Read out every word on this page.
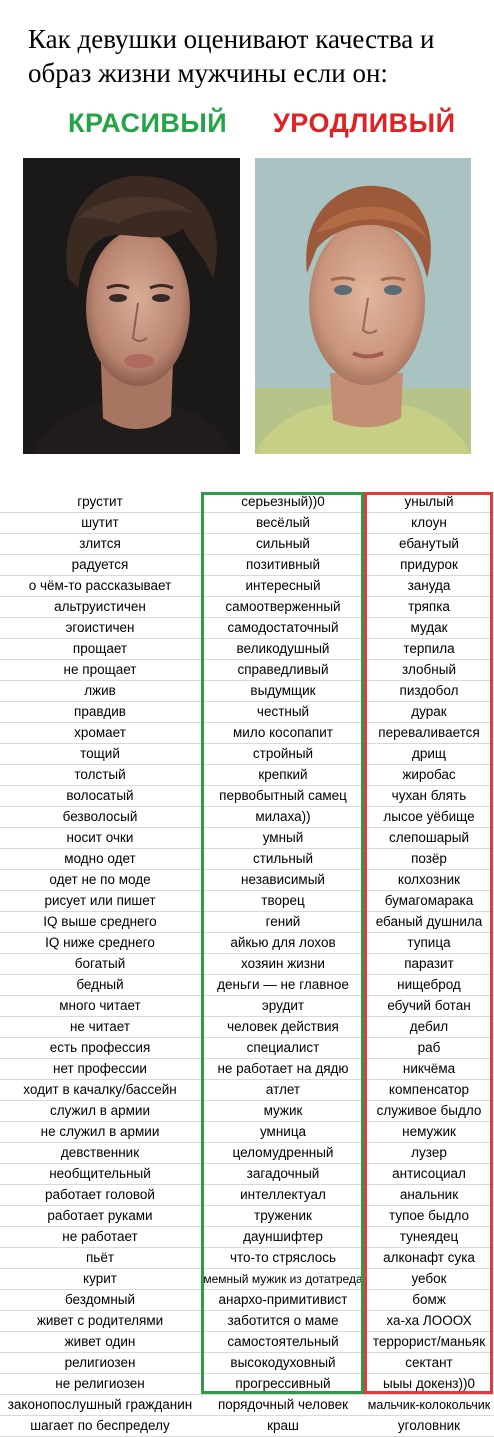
Как девушки оценивают качества и образ жизни мужчины если он:
КРАСИВЫЙ УРОДЛИВЫЙ
грустит	серьезный))0	унылый
шутит	весёлый	клоун
злится	сильный	ебанутый
радуется	позитивный	придурок
о чём-то рассказывает	интересный	зануда
альтруистичен	самоотверженный	тряпка
эгоистичен	самодостаточный	мудак
прощает	великодушный	терпила
не прощает	справедливый	злобный
лжив	выдумщик	пиздобол
правдив	честный	дурак
хромает	мило косопапит	переваливается
тощий	стройный	дрищ
толстый	крепкий	жиробас
волосатый	первобытный самец	чухан блять
безволосый	милаха))	лысое уёбище
носит очки	умный	слепошарый
модно одет	стильный	позёр
одет не по моде	независимый	колхозник
рисует или пишет	творец	бумагомарака
IQ выше среднего	гений	ебаный душнила
IQ ниже среднего	айкью для лохов	тупица
богатый	хозяин жизни	паразит
бедный	деньги — не главное	нищеброд
много читает	эрудит	ебучий ботан
не читает	человек действия	дебил
есть профессия	специалист	раб
нет профессии	не работает на дядю	никчёма
ходит в качалку/бассейн	атлет	компенсатор
служил в армии	мужик	служивое быдло
не служил в армии	умница	немужик
девственник	целомудренный	лузер
необщительный	загадочный	антисоциал
работает головой	интеллектуал	анальник
работает руками	труженик	тупое быдло
не работает	дауншифтер	тунеядец
пьёт	что-то стряслось	алконафт сука
курит	мемный мужик из дотатреда	уебок
бездомный	анархо-примитивист	бомж
живет с родителями	заботится о маме	ха-ха ЛОООХ
живет один	самостоятельный	террорист/маньяк
религиозен	высокодуховный	сектант
не религиозен	прогрессивный	ыыы докенз))0
законопослушный гражданин	порядочный человек	мальчик-колокольчик
шагает по беспределу	краш	уголовник
